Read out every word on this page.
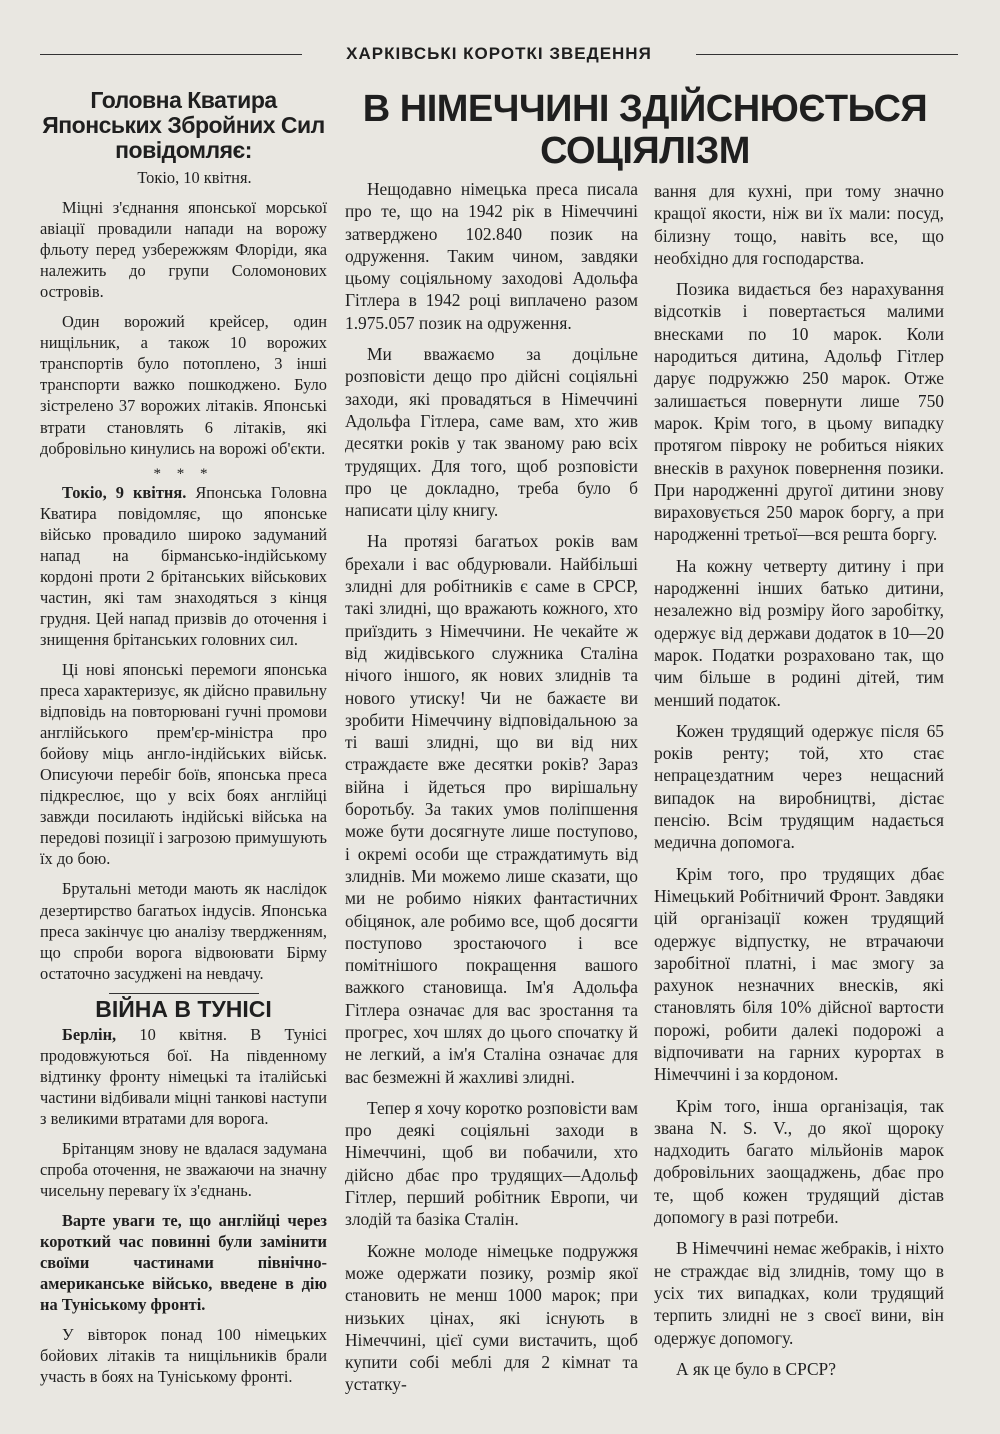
ХАРКІВСЬКІ КОРОТКІ ЗВЕДЕННЯ
Головна Кватира Японських Збройних Сил повідомляє:

Токіо, 10 квітня.

Міцні з'єднання японської морської авіації провадили напади на ворожу фльоту перед узбережжям Флоріди, яка належить до групи Соломонових островів.

Один ворожий крейсер, один нищільник, а також 10 ворожих транспортів було потоплено, 3 інші транспорти важко пошкоджено. Було зістрелено 37 ворожих літаків. Японські втрати становлять 6 літаків, які добровільно кинулись на ворожі об'єкти.

* * *

Токіо, 9 квітня. Японська Головна Кватира повідомляє, що японське військо провадило широко задуманий напад на бірмансько-індійському кордоні проти 2 брітанських військових частин, які там знаходяться з кінця грудня. Цей напад призвів до оточення і знищення брітанських головних сил.

Ці нові японські перемоги японська преса характеризує, як дійсно правильну відповідь на повторювані гучні промови англійського прем'єр-міністра про бойову міць англо-індійських військ. Описуючи перебіг боїв, японська преса підкреслює, що у всіх боях англійці завжди посилають індійські війська на передові позиції і загрозою примушують їх до бою.

Брутальні методи мають як наслідок дезертирство багатьох індусів. Японська преса закінчує цю аналізу твердженням, що спроби ворога відвоювати Бірму остаточно засуджені на невдачу.

ВІЙНА В ТУНІСІ

Берлін, 10 квітня. В Тунісі продовжуються бої. На південному відтинку фронту німецькі та італійські частини відбивали міцні танкові наступи з великими втратами для ворога.

Брітанцям знову не вдалася задумана спроба оточення, не зважаючи на значну чисельну перевагу їх з'єднань.

Варте уваги те, що англійці через короткий час повинні були замінити своїми частинами північно-американське військо, введене в дію на Туніському фронті.

У вівторок понад 100 німецьких бойових літаків та нищільників брали участь в боях на Туніському фронті.

В НІМЕЧЧИНІ ЗДІЙСНЮЄТЬСЯ СОЦІЯЛІЗМ

Нещодавно німецька преса писала про те, що на 1942 рік в Німеччині затверджено 102.840 позик на одруження. Таким чином, завдяки цьому соціяльному заходові Адольфа Гітлера в 1942 році виплачено разом 1.975.057 позик на одруження.

Ми вважаємо за доцільне розповісти дещо про дійсні соціяльні заходи, які провадяться в Німеччині Адольфа Гітлера, саме вам, хто жив десятки років у так званому раю всіх трудящих. Для того, щоб розповісти про це докладно, треба було б написати цілу книгу.

На протязі багатьох років вам брехали і вас обдурювали. Найбільші злидні для робітників є саме в СРСР, такі злидні, що вражають кожного, хто приїздить з Німеччини. Не чекайте ж від жидівського служника Сталіна нічого іншого, як нових злиднів та нового утиску! Чи не бажаєте ви зробити Німеччину відповідальною за ті ваші злидні, що ви від них страждаєте вже десятки років? Зараз війна і йдеться про вирішальну боротьбу. За таких умов поліпшення може бути досягнуте лише поступово, і окремі особи ще страждатимуть від злиднів. Ми можемо лише сказати, що ми не робимо ніяких фантастичних обіцянок, але робимо все, щоб досягти поступово зростаючого і все помітнішого покращення вашого важкого становища. Ім'я Адольфа Гітлера означає для вас зростання та прогрес, хоч шлях до цього спочатку й не легкий, а ім'я Сталіна означає для вас безмежні й жахливі злидні.

Тепер я хочу коротко розповісти вам про деякі соціяльні заходи в Німеччині, щоб ви побачили, хто дійсно дбає про трудящих—Адольф Гітлер, перший робітник Европи, чи злодій та базіка Сталін.

Кожне молоде німецьке подружжя може одержати позику, розмір якої становить не менш 1000 марок; при низьких цінах, які існують в Німеччині, цієї суми вистачить, щоб купити собі меблі для 2 кімнат та устатку-

вання для кухні, при тому значно кращої якости, ніж ви їх мали: посуд, білизну тощо, навіть все, що необхідно для господарства.

Позика видається без нарахування відсотків і повертається малими внесками по 10 марок. Коли народиться дитина, Адольф Гітлер дарує подружжю 250 марок. Отже залишається повернути лише 750 марок. Крім того, в цьому випадку протягом півроку не робиться ніяких внесків в рахунок повернення позики. При народженні другої дитини знову вираховується 250 марок боргу, а при народженні третьої—вся решта боргу.

На кожну четверту дитину і при народженні інших батько дитини, незалежно від розміру його заробітку, одержує від держави додаток в 10—20 марок. Податки розраховано так, що чим більше в родині дітей, тим менший податок.

Кожен трудящий одержує після 65 років ренту; той, хто стає непрацездатним через нещасний випадок на виробництві, дістає пенсію. Всім трудящим надається медична допомога.

Крім того, про трудящих дбає Німецький Робітничий Фронт. Завдяки цій організації кожен трудящий одержує відпустку, не втрачаючи заробітної платні, і має змогу за рахунок незначних внесків, які становлять біля 10% дійсної вартости порожі, робити далекі подорожі а відпочивати на гарних курортах в Німеччині і за кордоном.

Крім того, інша організація, так звана N. S. V., до якої щороку надходить багато мільйонів марок добровільних заощаджень, дбає про те, щоб кожен трудящий дістав допомогу в разі потреби.

В Німеччині немає жебраків, і ніхто не страждає від злиднів, тому що в усіх тих випадках, коли трудящий терпить злидні не з своєї вини, він одержує допомогу.

А як це було в СРСР?
